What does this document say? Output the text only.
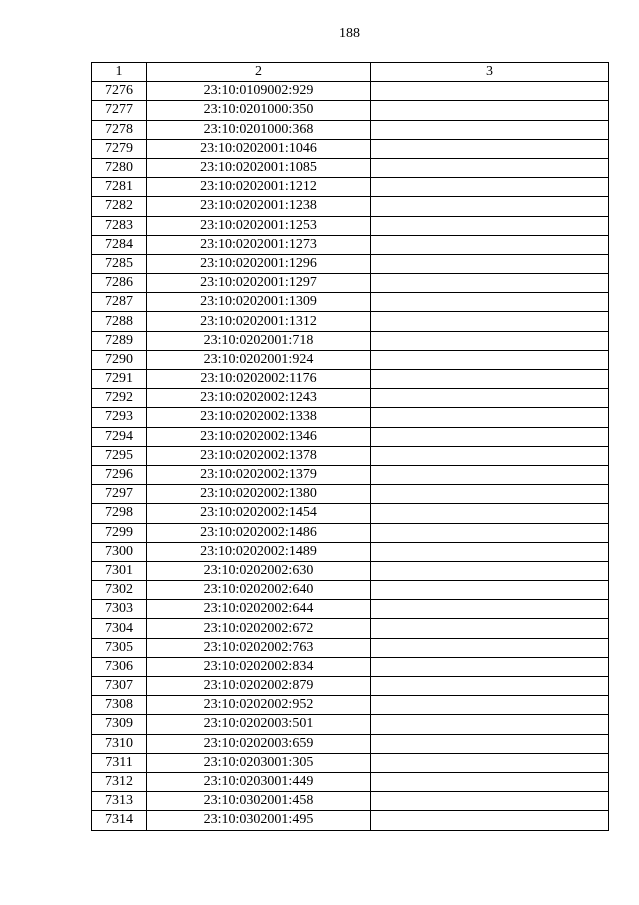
188
1	2	3
7276	23:10:0109002:929	
7277	23:10:0201000:350	
7278	23:10:0201000:368	
7279	23:10:0202001:1046	
7280	23:10:0202001:1085	
7281	23:10:0202001:1212	
7282	23:10:0202001:1238	
7283	23:10:0202001:1253	
7284	23:10:0202001:1273	
7285	23:10:0202001:1296	
7286	23:10:0202001:1297	
7287	23:10:0202001:1309	
7288	23:10:0202001:1312	
7289	23:10:0202001:718	
7290	23:10:0202001:924	
7291	23:10:0202002:1176	
7292	23:10:0202002:1243	
7293	23:10:0202002:1338	
7294	23:10:0202002:1346	
7295	23:10:0202002:1378	
7296	23:10:0202002:1379	
7297	23:10:0202002:1380	
7298	23:10:0202002:1454	
7299	23:10:0202002:1486	
7300	23:10:0202002:1489	
7301	23:10:0202002:630	
7302	23:10:0202002:640	
7303	23:10:0202002:644	
7304	23:10:0202002:672	
7305	23:10:0202002:763	
7306	23:10:0202002:834	
7307	23:10:0202002:879	
7308	23:10:0202002:952	
7309	23:10:0202003:501	
7310	23:10:0202003:659	
7311	23:10:0203001:305	
7312	23:10:0203001:449	
7313	23:10:0302001:458	
7314	23:10:0302001:495	
